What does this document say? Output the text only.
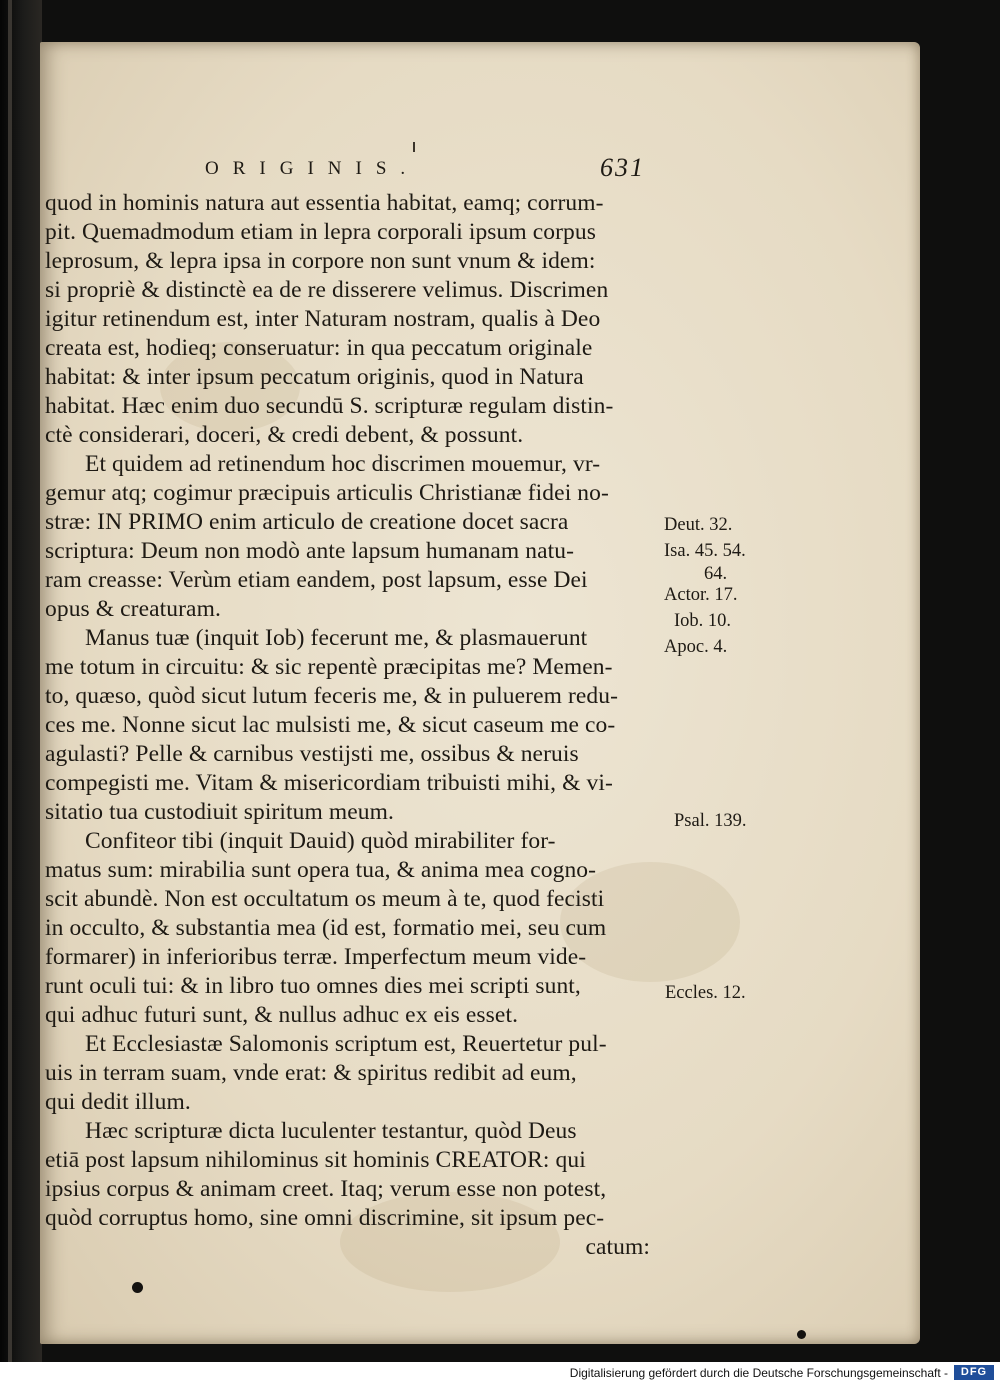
ORIGINIS.	631
quod in hominis natura aut essentia habitat, eamq; corrum-
pit. Quemadmodum etiam in lepra corporali ipsum corpus
leprosum, & lepra ipsa in corpore non sunt vnum & idem:
si propriè & distinctè ea de re disserere velimus. Discrimen
igitur retinendum est, inter Naturam nostram, qualis à Deo
creata est, hodieq; conseruatur: in qua peccatum originale
habitat: & inter ipsum peccatum originis, quod in Natura
habitat. Hæc enim duo secundū S. scripturæ regulam distin-
ctè considerari, doceri, & credi debent, & possunt.
Et quidem ad retinendum hoc discrimen mouemur, vr-
gemur atq; cogimur præcipuis articulis Christianæ fidei no-
stræ: IN PRIMO enim articulo de creatione docet sacra
scriptura: Deum non modò ante lapsum humanam natu-
ram creasse: Verùm etiam eandem, post lapsum, esse Dei
opus & creaturam.
Manus tuæ (inquit Iob) fecerunt me, & plasmauerunt
me totum in circuitu: & sic repentè præcipitas me? Memen-
to, quæso, quòd sicut lutum feceris me, & in puluerem redu-
ces me. Nonne sicut lac mulsisti me, & sicut caseum me co-
agulasti? Pelle & carnibus vestijsti me, ossibus & neruis
compegisti me. Vitam & misericordiam tribuisti mihi, & vi-
sitatio tua custodiuit spiritum meum.
Confiteor tibi (inquit Dauid) quòd mirabiliter for-
matus sum: mirabilia sunt opera tua, & anima mea cogno-
scit abundè. Non est occultatum os meum à te, quod fecisti
in occulto, & substantia mea (id est, formatio mei, seu cum
formarer) in inferioribus terræ. Imperfectum meum vide-
runt oculi tui: & in libro tuo omnes dies mei scripti sunt,
qui adhuc futuri sunt, & nullus adhuc ex eis esset.
Et Ecclesiastæ Salomonis scriptum est, Reuertetur pul-
uis in terram suam, vnde erat: & spiritus redibit ad eum,
qui dedit illum.
Hæc scripturæ dicta luculenter testantur, quòd Deus
etiā post lapsum nihilominus sit hominis CREATOR: qui
ipsius corpus & animam creet. Itaq; verum esse non potest,
quòd corruptus homo, sine omni discrimine, sit ipsum pec-
catum:
Deut. 32.
Isa. 45. 54.
64.
Actor. 17.
Iob. 10.
Apoc. 4.
Psal. 139.
Eccles. 12.
Digitalisierung gefördert durch die Deutsche Forschungsgemeinschaft -	DFG
